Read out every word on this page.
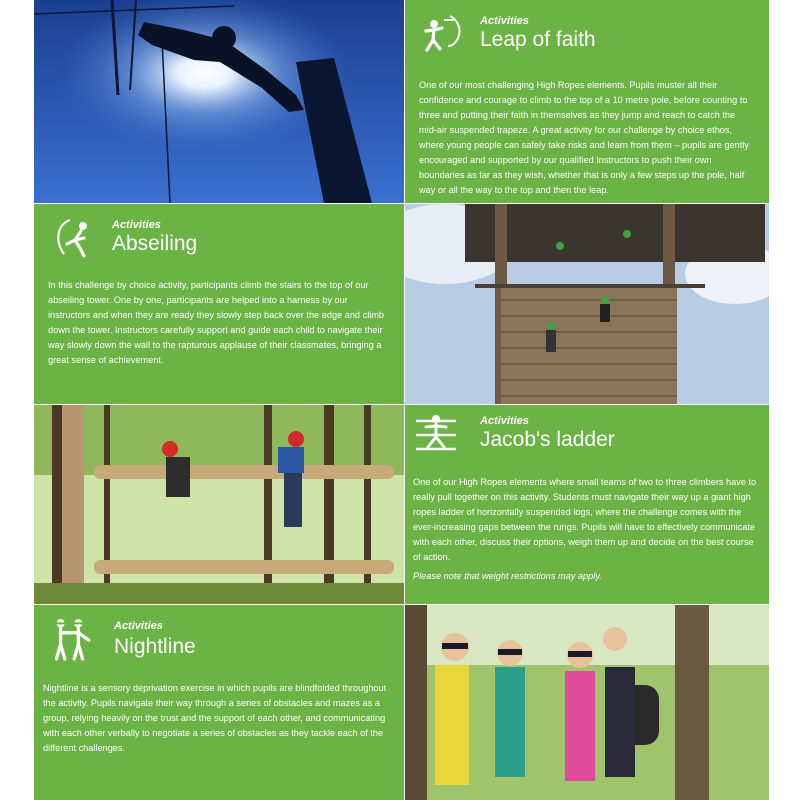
Activities
Leap of faith

One of our most challenging High Ropes elements. Pupils muster all their confidence and courage to climb to the top of a 10 metre pole, before counting to three and putting their faith in themselves as they jump and reach to catch the mid-air suspended trapeze. A great activity for our challenge by choice ethos, where young people can safely take risks and learn from them – pupils are gently encouraged and supported by our qualified Instructors to push their own boundaries as far as they wish, whether that is only a few steps up the pole, half way or all the way to the top and then the leap.

Activities
Abseiling

In this challenge by choice activity, participants climb the stairs to the top of our abseiling tower. One by one, participants are helped into a harness by our instructors and when they are ready they slowly step back over the edge and climb down the tower. Instructors carefully support and guide each child to navigate their way slowly down the wall to the rapturous applause of their classmates, bringing a great sense of achievement.

Activities
Jacob's ladder

One of our High Ropes elements where small teams of two to three climbers have to really pull together on this activity. Students must navigate their way up a giant high ropes ladder of horizontally suspended logs, where the challenge comes with the ever-increasing gaps between the rungs. Pupils will have to effectively communicate with each other, discuss their options, weigh them up and decide on the best course of action.

Please note that weight restrictions may apply.

Activities
Nightline

Nightline is a sensory deprivation exercise in which pupils are blindfolded throughout the activity. Pupils navigate their way through a series of obstacles and mazes as a group, relying heavily on the trust and the support of each other, and communicating with each other verbally to negotiate a series of obstacles as they tackle each of the different challenges.
